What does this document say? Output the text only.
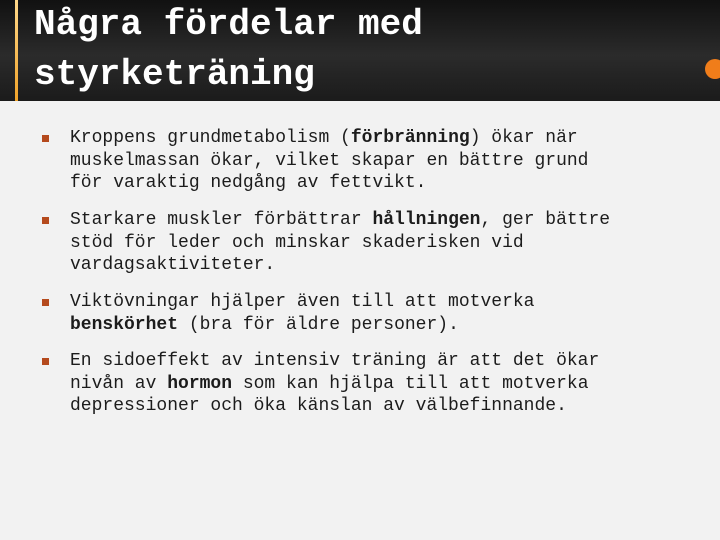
Några fördelar med
styrketräning

Kroppens grundmetabolism (förbränning) ökar när
muskelmassan ökar, vilket skapar en bättre grund
för varaktig nedgång av fettvikt.

Starkare muskler förbättrar hållningen, ger bättre
stöd för leder och minskar skaderisken vid
vardagsaktiviteter.

Viktövningar hjälper även till att motverka
benskörhet (bra för äldre personer).

En sidoeffekt av intensiv träning är att det ökar
nivån av hormon som kan hjälpa till att motverka
depressioner och öka känslan av välbefinnande.
